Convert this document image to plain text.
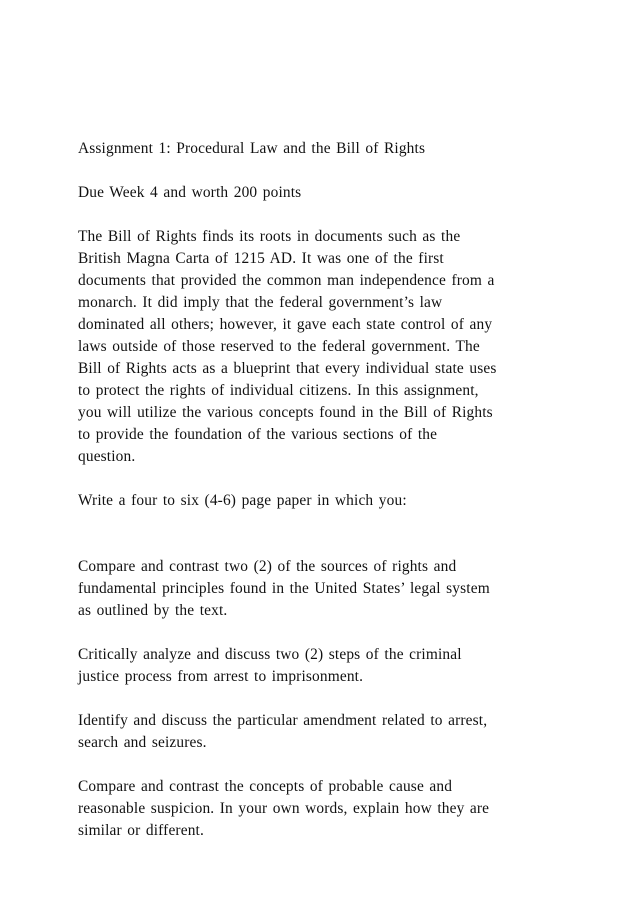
Assignment 1: Procedural Law and the Bill of Rights

Due Week 4 and worth 200 points

The Bill of Rights finds its roots in documents such as the
British Magna Carta of 1215 AD. It was one of the first
documents that provided the common man independence from a
monarch. It did imply that the federal government’s law
dominated all others; however, it gave each state control of any
laws outside of those reserved to the federal government. The
Bill of Rights acts as a blueprint that every individual state uses
to protect the rights of individual citizens. In this assignment,
you will utilize the various concepts found in the Bill of Rights
to provide the foundation of the various sections of the
question.

Write a four to six (4-6) page paper in which you:

Compare and contrast two (2) of the sources of rights and
fundamental principles found in the United States’ legal system
as outlined by the text.

Critically analyze and discuss two (2) steps of the criminal
justice process from arrest to imprisonment.

Identify and discuss the particular amendment related to arrest,
search and seizures.

Compare and contrast the concepts of probable cause and
reasonable suspicion. In your own words, explain how they are
similar or different.
